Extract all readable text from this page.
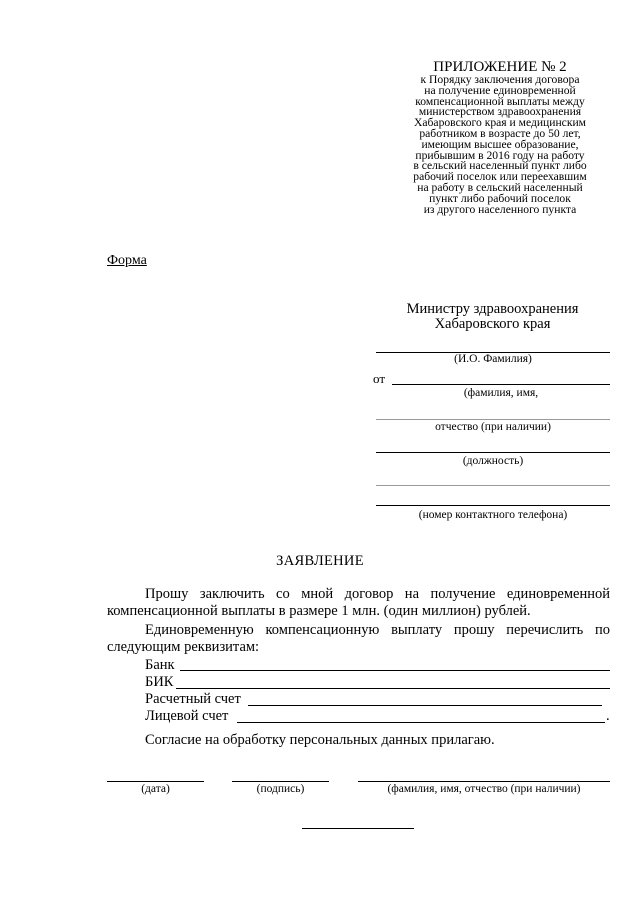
ПРИЛОЖЕНИЕ № 2
к Порядку заключения договора
на получение единовременной
компенсационной выплаты между
министерством здравоохранения
Хабаровского края и медицинским
работником в возрасте до 50 лет,
имеющим высшее образование,
прибывшим в 2016 году на работу
в сельский населенный пункт либо
рабочий поселок или переехавшим
на работу в сельский населенный
пункт либо рабочий поселок
из другого населенного пункта
Форма
Министру здравоохранения
Хабаровского края
(И.О. Фамилия)
от
(фамилия, имя,
отчество (при наличии)
(должность)
(номер контактного телефона)
ЗАЯВЛЕНИЕ
Прошу заключить со мной договор на получение единовременной
компенсационной выплаты в размере 1 млн. (один миллион) рублей.
Единовременную компенсационную выплату прошу перечислить по
следующим реквизитам:
Банк
БИК
Расчетный счет
Лицевой счет	.
Согласие на обработку персональных данных прилагаю.
(дата)	(подпись)	(фамилия, имя, отчество (при наличии)
